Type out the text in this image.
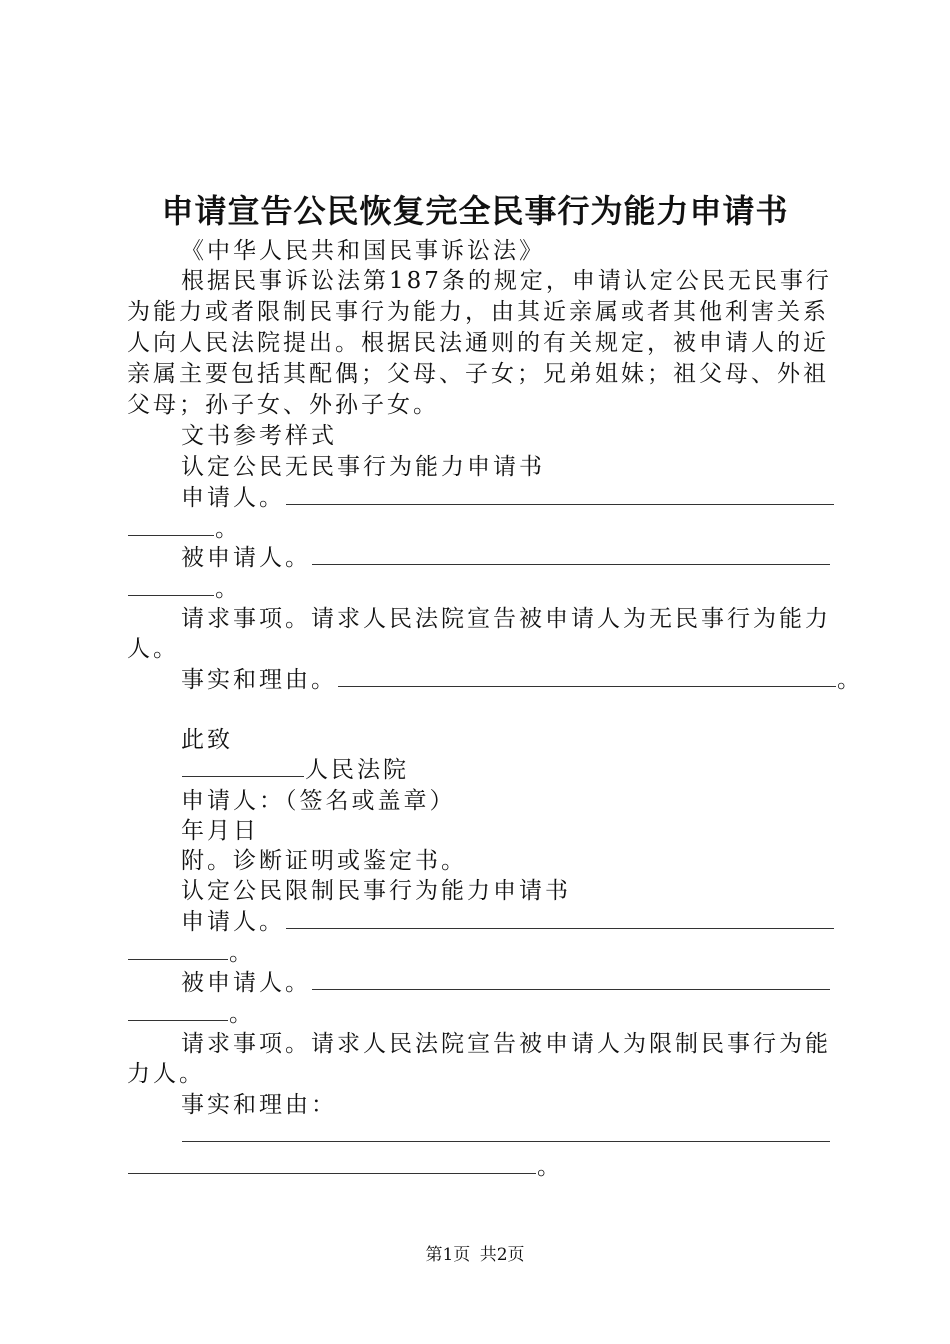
申请宣告公民恢复完全民事行为能力申请书
《中华人民共和国民事诉讼法》
根据民事诉讼法第187条的规定，申请认定公民无民事行
为能力或者限制民事行为能力，由其近亲属或者其他利害关系
人向人民法院提出。根据民法通则的有关规定，被申请人的近
亲属主要包括其配偶；父母、子女；兄弟姐妹；祖父母、外祖
父母；孙子女、外孙子女。
文书参考样式
认定公民无民事行为能力申请书
申请人。
。
被申请人。
。
请求事项。请求人民法院宣告被申请人为无民事行为能力
人。
事实和理由。	。
此致
人民法院
申请人：（签名或盖章）
年月日
附。诊断证明或鉴定书。
认定公民限制民事行为能力申请书
申请人。
。
被申请人。
。
请求事项。请求人民法院宣告被申请人为限制民事行为能
力人。
事实和理由：
。
第1页 共2页
